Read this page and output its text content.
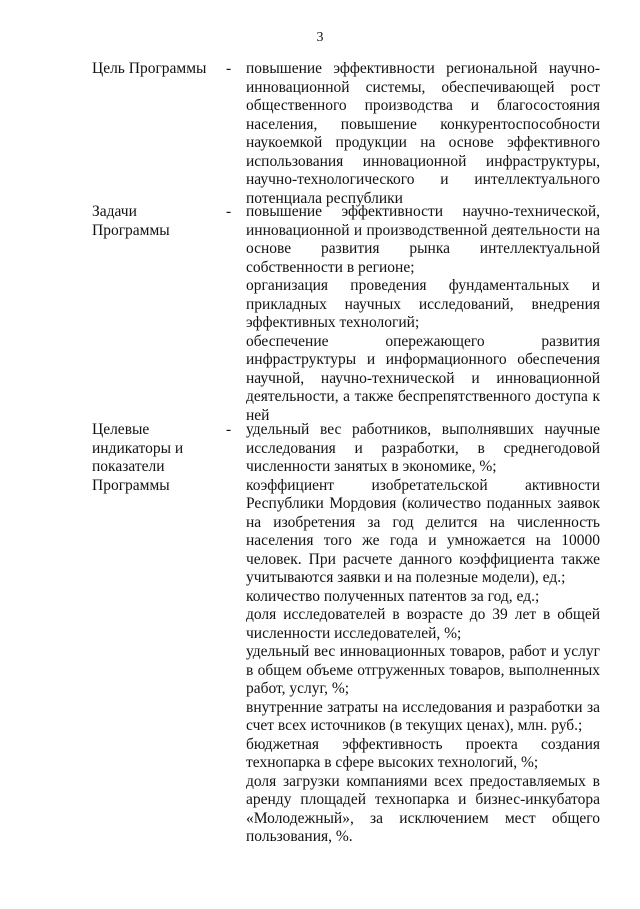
3
Цель Программы	- повышение эффективности региональной научно-
инновационной системы, обеспечивающей рост
общественного производства и благосостояния
населения, повышение конкурентоспособности
наукоемкой продукции на основе эффективного
использования инновационной инфраструктуры,
научно-технологического и интеллектуального
потенциала республики
Задачи
Программы
- повышение эффективности научно-технической,
инновационной и производственной деятельности на
основе развития рынка интеллектуальной
собственности в регионе;
организация проведения фундаментальных и
прикладных научных исследований, внедрения
эффективных технологий;
обеспечение опережающего развития
инфраструктуры и информационного обеспечения
научной, научно-технической и инновационной
деятельности, а также беспрепятственного доступа к
ней
Целевые
индикаторы и
показатели
Программы
- удельный вес работников, выполнявших научные
исследования и разработки, в среднегодовой
численности занятых в экономике, %;
коэффициент изобретательской активности
Республики Мордовия (количество поданных заявок
на изобретения за год делится на численность
населения того же года и умножается на 10000
человек. При расчете данного коэффициента также
учитываются заявки и на полезные модели), ед.;
количество полученных патентов за год, ед.;
доля исследователей в возрасте до 39 лет в общей
численности исследователей, %;
удельный вес инновационных товаров, работ и услуг
в общем объеме отгруженных товаров, выполненных
работ, услуг, %;
внутренние затраты на исследования и разработки за
счет всех источников (в текущих ценах), млн. руб.;
бюджетная эффективность проекта создания
технопарка в сфере высоких технологий, %;
доля загрузки компаниями всех предоставляемых в
аренду площадей технопарка и бизнес-инкубатора
«Молодежный», за исключением мест общего
пользования, %.
